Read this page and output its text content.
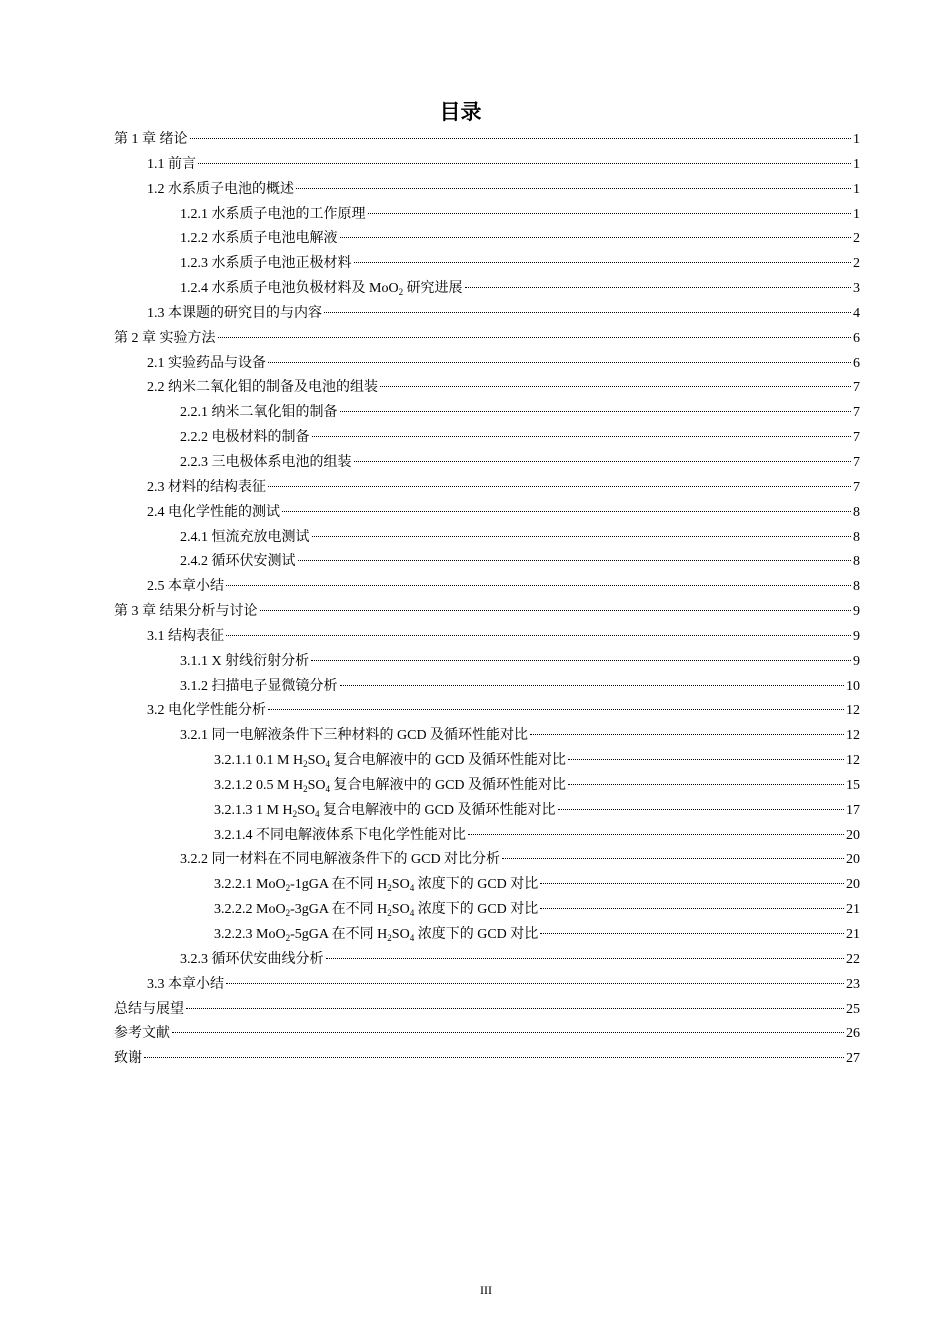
目录
第 1 章 绪论	1
1.1 前言	1
1.2 水系质子电池的概述	1
1.2.1 水系质子电池的工作原理	1
1.2.2 水系质子电池电解液	2
1.2.3 水系质子电池正极材料	2
1.2.4 水系质子电池负极材料及 MoO$_2$ 研究进展	3
1.3 本课题的研究目的与内容	4
第 2 章 实验方法	6
2.1 实验药品与设备	6
2.2 纳米二氧化钼的制备及电池的组装	7
2.2.1 纳米二氧化钼的制备	7
2.2.2 电极材料的制备	7
2.2.3 三电极体系电池的组装	7
2.3 材料的结构表征	7
2.4 电化学性能的测试	8
2.4.1 恒流充放电测试	8
2.4.2 循环伏安测试	8
2.5 本章小结	8
第 3 章 结果分析与讨论	9
3.1 结构表征	9
3.1.1 X 射线衍射分析	9
3.1.2 扫描电子显微镜分析	10
3.2 电化学性能分析	12
3.2.1 同一电解液条件下三种材料的 GCD 及循环性能对比	12
3.2.1.1 0.1 M $H_2SO_4$ 复合电解液中的 GCD 及循环性能对比	12
3.2.1.2 0.5 M $H_2SO_4$ 复合电解液中的 GCD 及循环性能对比	15
3.2.1.3 1 M $H_2SO_4$ 复合电解液中的 GCD 及循环性能对比	17
3.2.1.4 不同电解液体系下电化学性能对比	20
3.2.2 同一材料在不同电解液条件下的 GCD 对比分析	20
3.2.2.1 MoO$_2$-1gGA 在不同 $H_2SO_4$ 浓度下的 GCD 对比	20
3.2.2.2 MoO$_2$-3gGA 在不同 $H_2SO_4$ 浓度下的 GCD 对比	21
3.2.2.3 MoO$_2$-5gGA 在不同 $H_2SO_4$ 浓度下的 GCD 对比	21
3.2.3 循环伏安曲线分析	22
3.3 本章小结	23
总结与展望	25
参考文献	26
致谢	27
III
